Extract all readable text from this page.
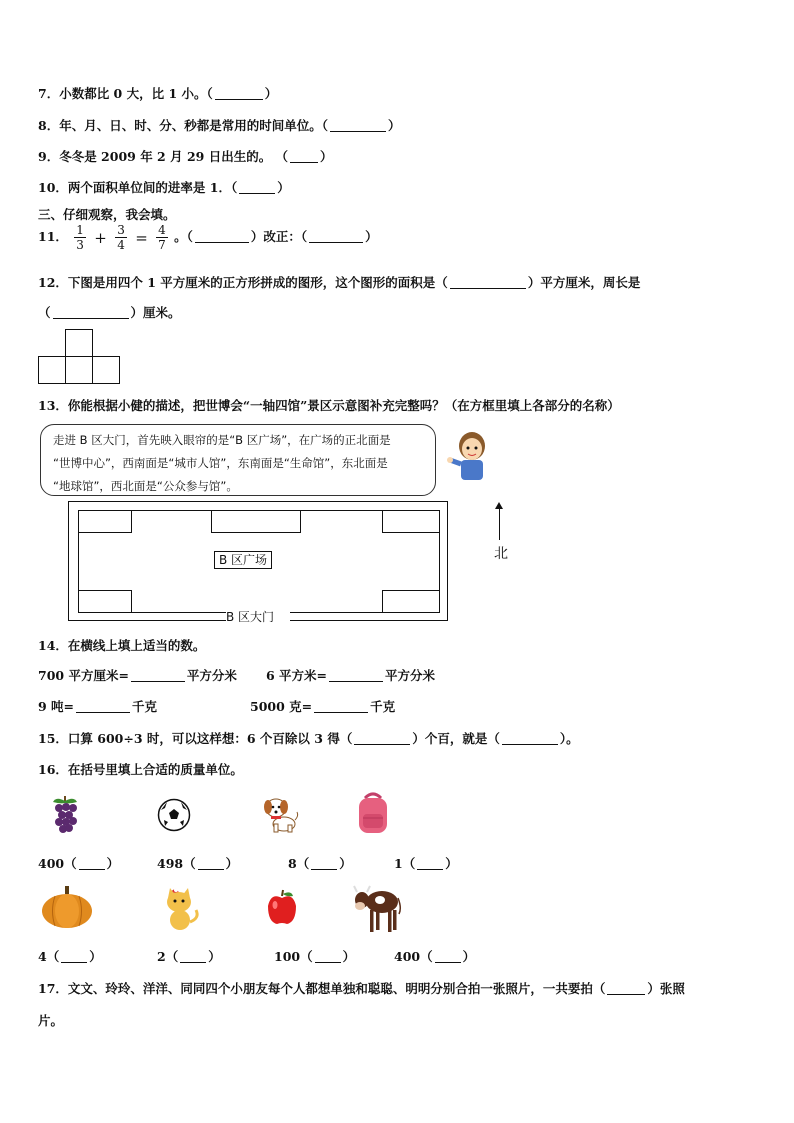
7．小数都比 0 大，比 1 小。（	）
8．年、月、日、时、分、秒都是常用的时间单位。（	）
9．冬冬是 2009 年 2 月 29 日出生的。 （	）
10．两个面积单位间的进率是 1．（	）
三、仔细观察，我会填。
11． $\frac{1}{3} + \frac{3}{4} = \frac{4}{7}$ 。（	）改正：（	）
12．下图是用四个 1 平方厘米的正方形拼成的图形，这个图形的面积是（	）平方厘米，周长是
（	）厘米。
13．你能根据小健的描述，把世博会“一轴四馆”景区示意图补充完整吗？（在方框里填上各部分的名称）
走进 B 区大门，首先映入眼帘的是“B 区广场”，在广场的正北面是
“世博中心”，西南面是“城市人馆”，东南面是“生命馆”，东北面是
“地球馆”，西北面是“公众参与馆”。
B 区广场
B 区大门
北
14．在横线上填上适当的数。
700 平方厘米=	平方分米 6 平方米=	平方分米
9 吨=	千克	5000 克=	千克
15．口算 600÷3 时，可以这样想：6 个百除以 3 得（	）个百，就是（	）。
16．在括号里填上合适的质量单位。
400（ ）	498（ ）	8（ ）	1（ ）
4（ ）	2（ ）	100（ ）	400（ ）
17．文文、玲玲、洋洋、同同四个小朋友每个人都想单独和聪聪、明明分别合拍一张照片，一共要拍（	）张照
片。
